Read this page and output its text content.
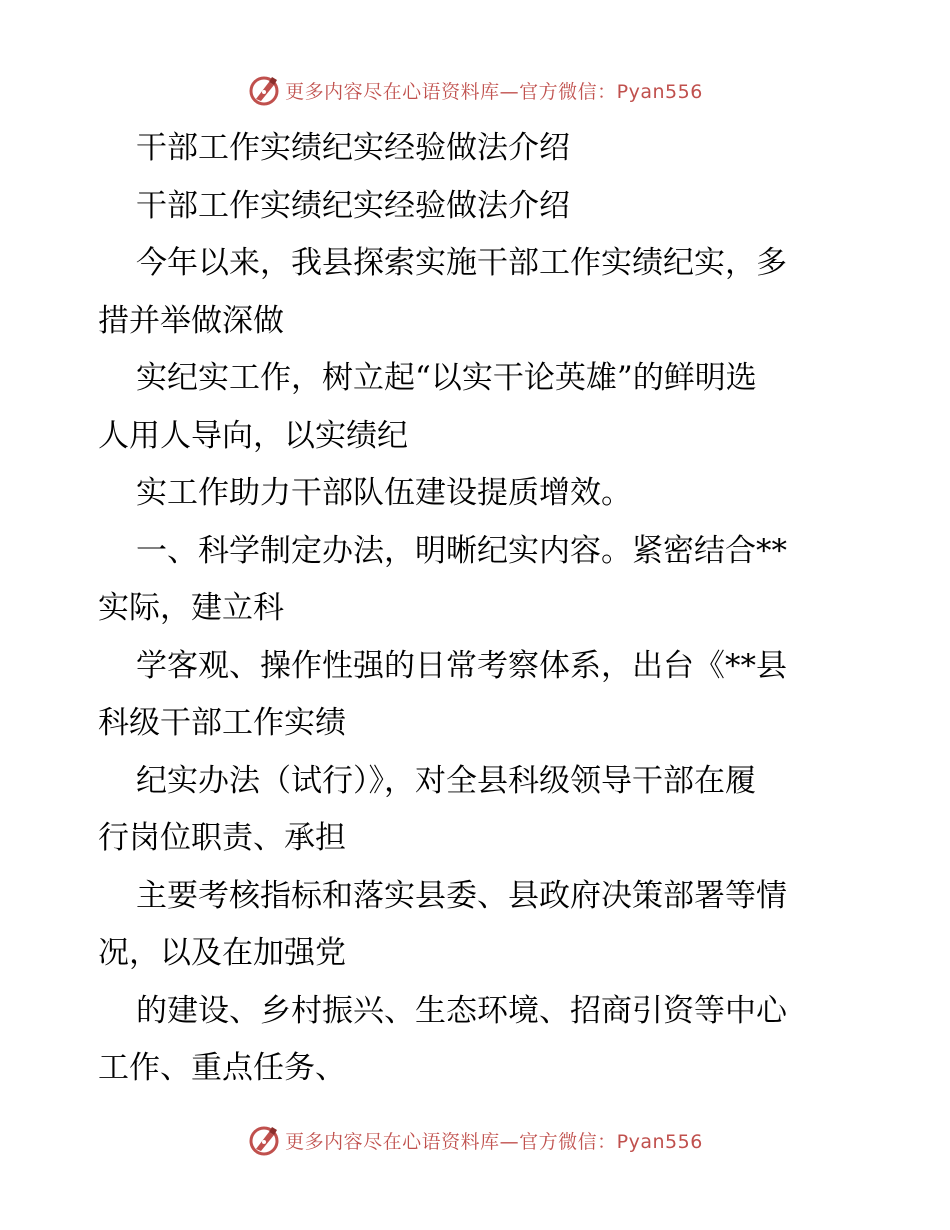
更多内容尽在心语资料库—官方微信：Pyan556
干部工作实绩纪实经验做法介绍
干部工作实绩纪实经验做法介绍
今年以来，我县探索实施干部工作实绩纪实，多
措并举做深做
实纪实工作，树立起“以实干论英雄”的鲜明选
人用人导向，以实绩纪
实工作助力干部队伍建设提质增效。
一、科学制定办法，明晰纪实内容。紧密结合**
实际，建立科
学客观、操作性强的日常考察体系，出台《**县
科级干部工作实绩
纪实办法（试行）》，对全县科级领导干部在履
行岗位职责、承担
主要考核指标和落实县委、县政府决策部署等情
况，以及在加强党
的建设、乡村振兴、生态环境、招商引资等中心
工作、重点任务、
更多内容尽在心语资料库—官方微信：Pyan556
